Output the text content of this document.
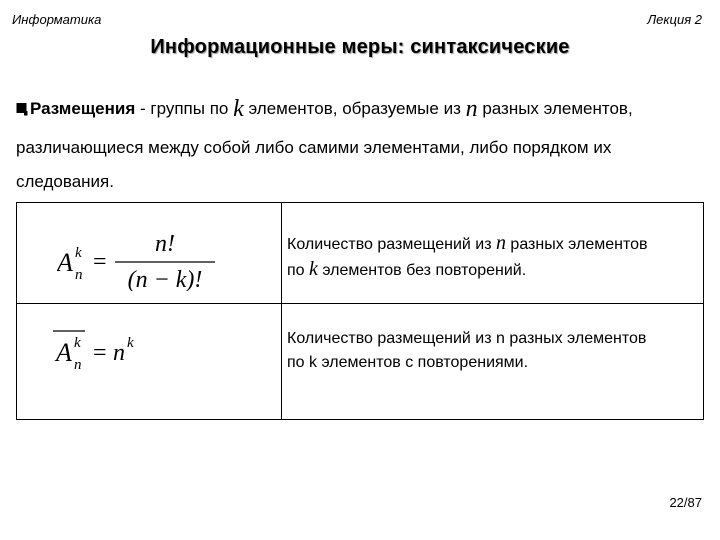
Информатика	Лекция 2
Информационные меры: синтаксические
Размещения - группы по k элементов, образуемые из n разных элементов,
различающиеся между собой либо самими элементами, либо порядком их
следования.
A k
n =
n!
(n − k)!
Количество размещений из n разных элементов
по k элементов без повторений.
A k
n = n k	Количество размещений из n разных элементов
по k элементов с повторениями.
22/87
